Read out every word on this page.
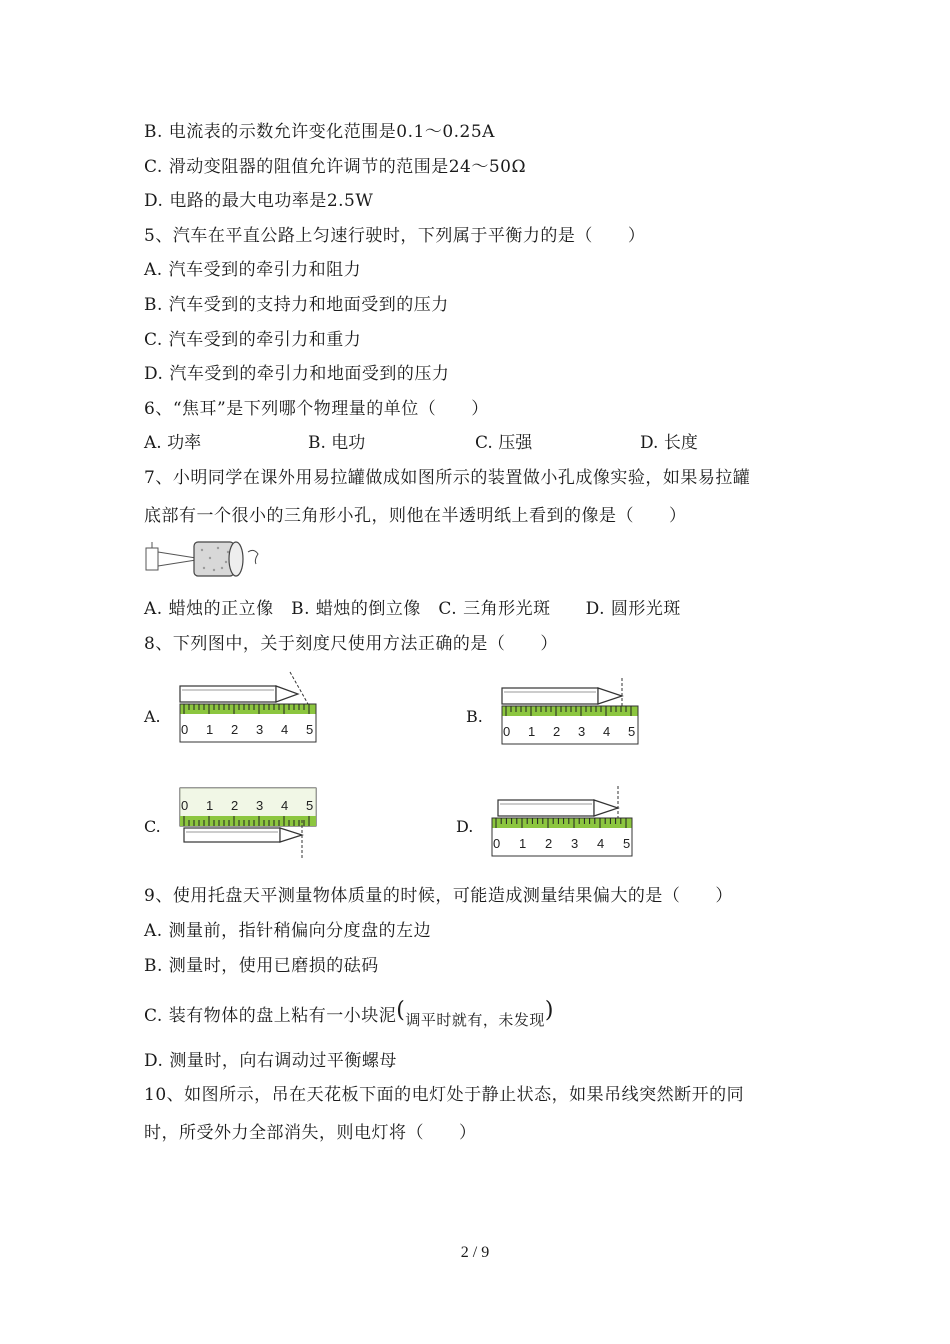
B. 电流表的示数允许变化范围是0.1～0.25A
C. 滑动变阻器的阻值允许调节的范围是24～50Ω
D. 电路的最大电功率是2.5W
5、汽车在平直公路上匀速行驶时，下列属于平衡力的是（　　）
A. 汽车受到的牵引力和阻力
B. 汽车受到的支持力和地面受到的压力
C. 汽车受到的牵引力和重力
D. 汽车受到的牵引力和地面受到的压力
6、“焦耳”是下列哪个物理量的单位（　　）
A. 功率	B. 电功	C. 压强	D. 长度
7、小明同学在课外用易拉罐做成如图所示的装置做小孔成像实验，如果易拉罐
底部有一个很小的三角形小孔，则他在半透明纸上看到的像是（　　）
A. 蜡烛的正立像　B. 蜡烛的倒立像　C. 三角形光斑　　D. 圆形光斑
8、下列图中，关于刻度尺使用方法正确的是（　　）
A.	B.
C.	D.
0 1 2 3 4 5	0 1 2 3 4 5
0 1 2 3 4 5
0 1 2 3 4 5
9、使用托盘天平测量物体质量的时候，可能造成测量结果偏大的是（　　）
A. 测量前，指针稍偏向分度盘的左边
B. 测量时，使用已磨损的砝码
C. 装有物体的盘上粘有一小块泥(调平时就有，未发现)
D. 测量时，向右调动过平衡螺母
10、如图所示，吊在天花板下面的电灯处于静止状态，如果吊线突然断开的同
时，所受外力全部消失，则电灯将（　　）
2 / 9
